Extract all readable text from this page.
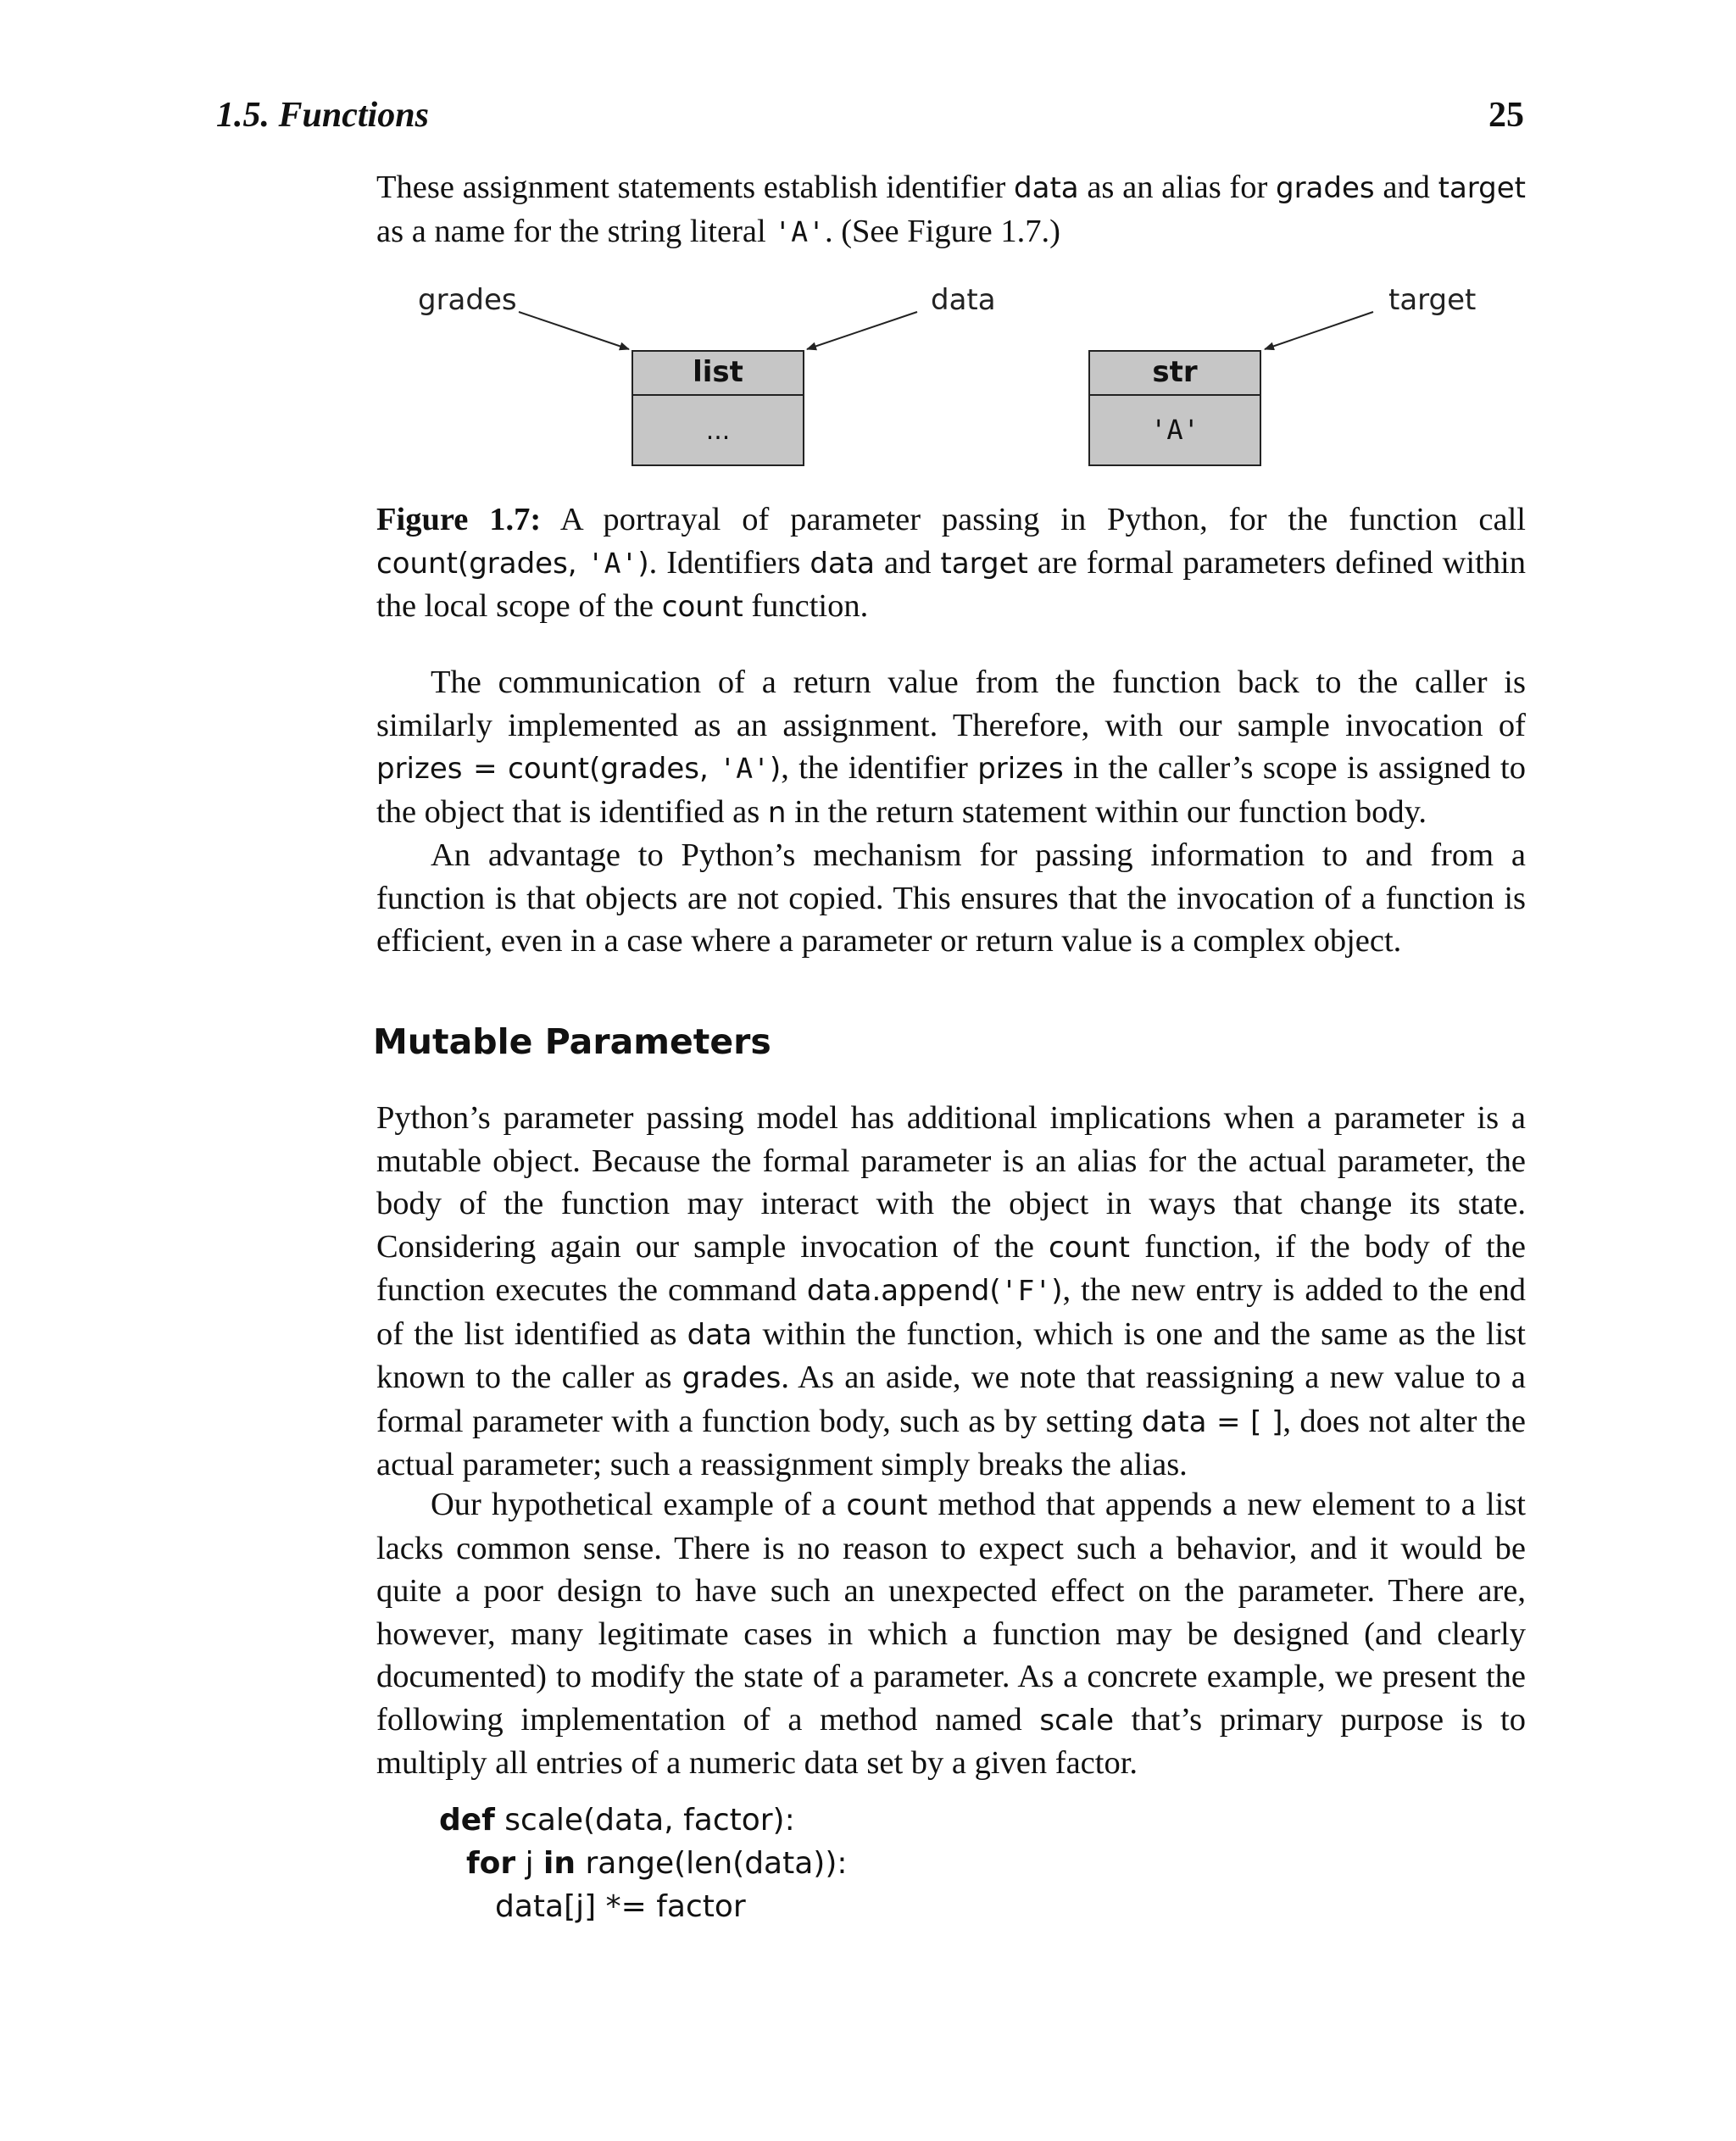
1.5. Functions	25
These assignment statements establish identifier data as an alias for grades and target as a name for the string literal 'A'. (See Figure 1.7.)
grades	data	target
list
...
str
'A'
Figure 1.7: A portrayal of parameter passing in Python, for the function call count(grades, 'A'). Identifiers data and target are formal parameters defined within the local scope of the count function.
The communication of a return value from the function back to the caller is similarly implemented as an assignment. Therefore, with our sample invocation of prizes = count(grades, 'A'), the identifier prizes in the caller’s scope is assigned to the object that is identified as n in the return statement within our function body.
An advantage to Python’s mechanism for passing information to and from a function is that objects are not copied. This ensures that the invocation of a function is efficient, even in a case where a parameter or return value is a complex object.
Mutable Parameters
Python’s parameter passing model has additional implications when a parameter is a mutable object. Because the formal parameter is an alias for the actual parameter, the body of the function may interact with the object in ways that change its state. Considering again our sample invocation of the count function, if the body of the function executes the command data.append('F'), the new entry is added to the end of the list identified as data within the function, which is one and the same as the list known to the caller as grades. As an aside, we note that reassigning a new value to a formal parameter with a function body, such as by setting data = [ ], does not alter the actual parameter; such a reassignment simply breaks the alias.
Our hypothetical example of a count method that appends a new element to a list lacks common sense. There is no reason to expect such a behavior, and it would be quite a poor design to have such an unexpected effect on the parameter. There are, however, many legitimate cases in which a function may be designed (and clearly documented) to modify the state of a parameter. As a concrete example, we present the following implementation of a method named scale that’s primary purpose is to multiply all entries of a numeric data set by a given factor.
def scale(data, factor):
for j in range(len(data)):
data[j] *= factor
